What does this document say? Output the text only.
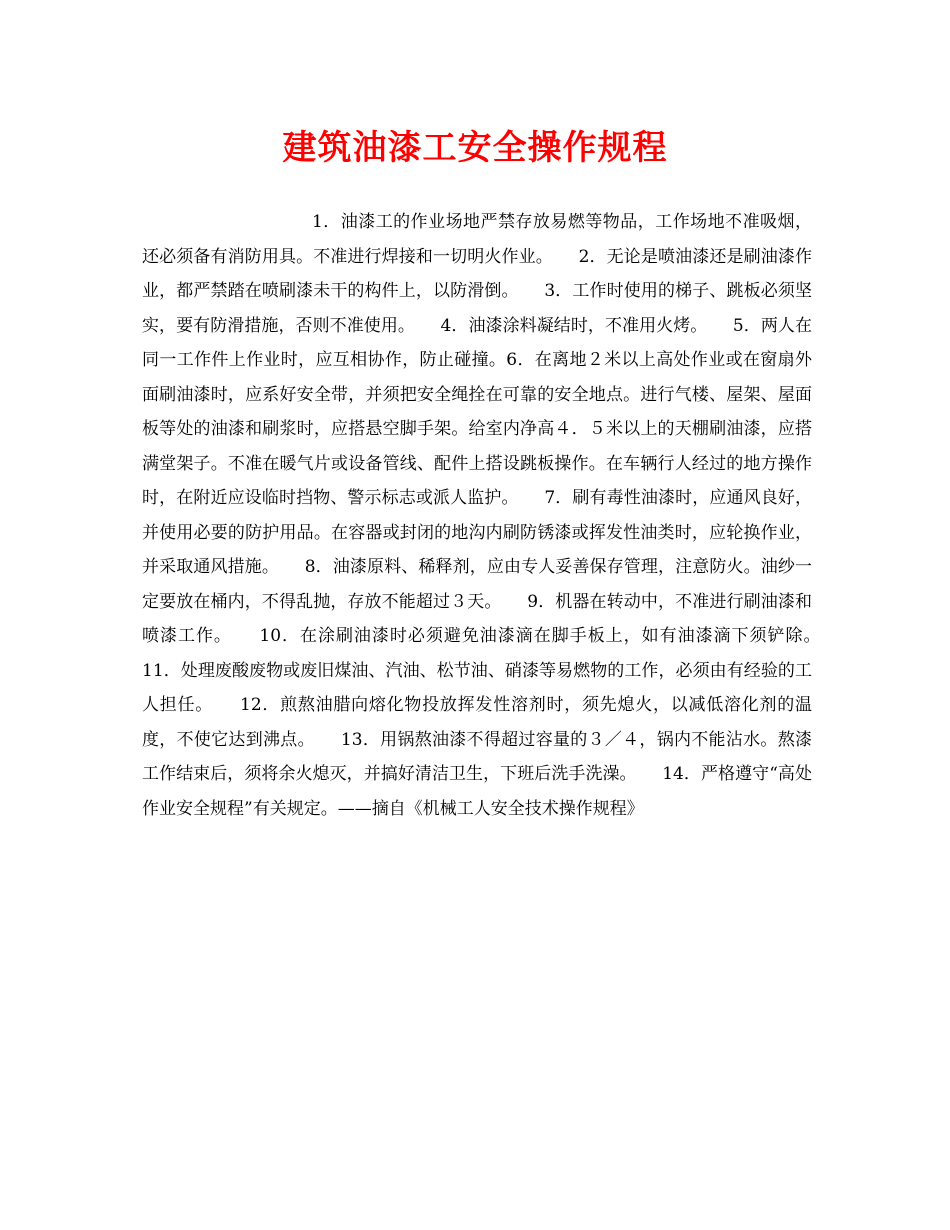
建筑油漆工安全操作规程

1．油漆工的作业场地严禁存放易燃等物品，工作场地不准吸烟，还必须备有消防用具。不准进行焊接和一切明火作业。　　2．无论是喷油漆还是刷油漆作业，都严禁踏在喷刷漆未干的构件上，以防滑倒。　　3．工作时使用的梯子、跳板必须坚实，要有防滑措施，否则不准使用。　　4．油漆涂料凝结时，不准用火烤。　　5．两人在同一工作件上作业时，应互相协作，防止碰撞。6．在离地２米以上高处作业或在窗扇外面刷油漆时，应系好安全带，并须把安全绳拴在可靠的安全地点。进行气楼、屋架、屋面板等处的油漆和刷浆时，应搭悬空脚手架。给室内净高４．５米以上的天棚刷油漆，应搭满堂架子。不准在暖气片或设备管线、配件上搭设跳板操作。在车辆行人经过的地方操作时，在附近应设临时挡物、警示标志或派人监护。　　7．刷有毒性油漆时，应通风良好，并使用必要的防护用品。在容器或封闭的地沟内刷防锈漆或挥发性油类时，应轮换作业，并采取通风措施。　　8．油漆原料、稀释剂，应由专人妥善保存管理，注意防火。油纱一定要放在桶内，不得乱抛，存放不能超过３天。　　9．机器在转动中，不准进行刷油漆和喷漆工作。　　10．在涂刷油漆时必须避免油漆滴在脚手板上，如有油漆滴下须铲除。　　11．处理废酸废物或废旧煤油、汽油、松节油、硝漆等易燃物的工作，必须由有经验的工人担任。　　12．煎熬油腊向熔化物投放挥发性溶剂时，须先熄火，以减低溶化剂的温度，不使它达到沸点。　　13．用锅熬油漆不得超过容量的３／４，锅内不能沾水。熬漆工作结束后，须将余火熄灭，并搞好清洁卫生，下班后洗手洗澡。　　14．严格遵守“高处作业安全规程”有关规定。——摘自《机械工人安全技术操作规程》
